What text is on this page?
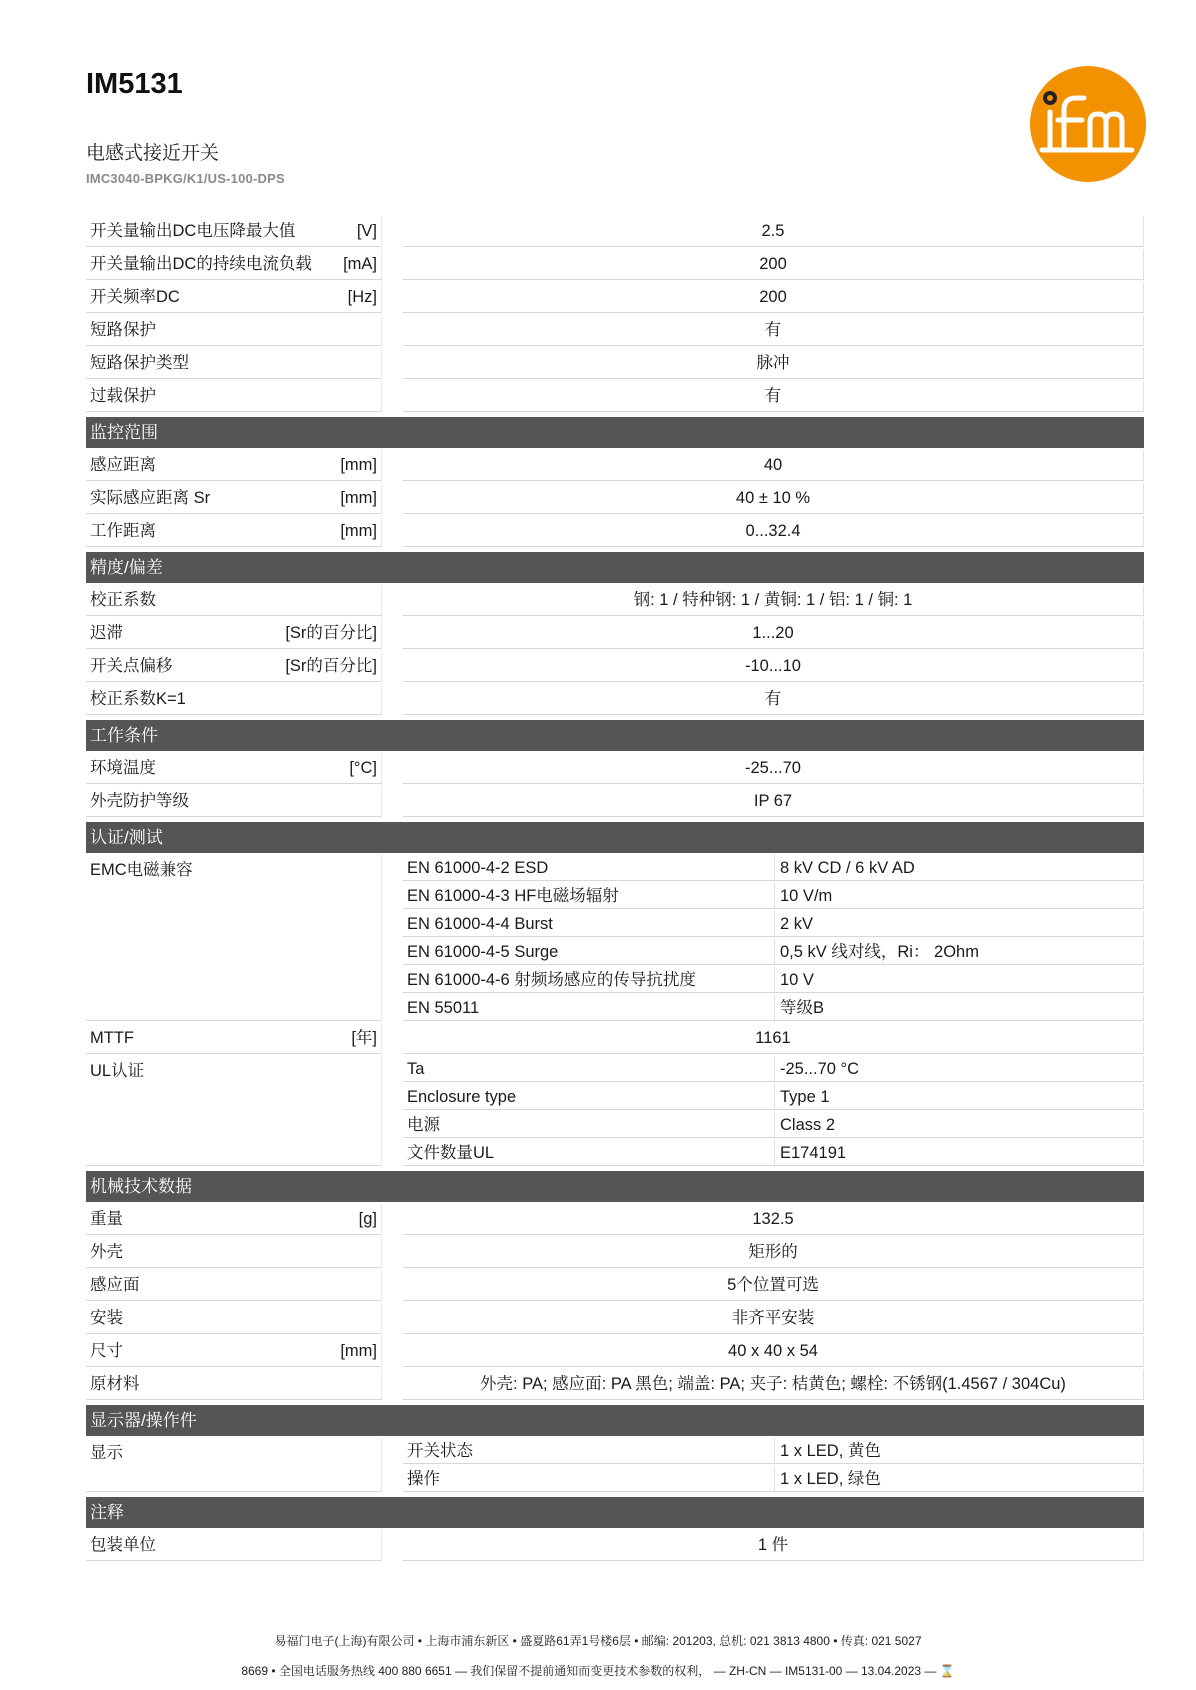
IM5131
电感式接近开关
IMC3040-BPKG/K1/US-100-DPS
开关量输出DC电压降最大值	[V]	2.5
开关量输出DC的持续电流负载 [mA]	200
开关频率DC	[Hz]	200
短路保护	有
短路保护类型	脉冲
过载保护	有
监控范围
感应距离	[mm]	40
实际感应距离 Sr	[mm]	40 ± 10 %
工作距离	[mm]	0...32.4
精度/偏差
校正系数	钢: 1 / 特种钢: 1 / 黄铜: 1 / 铝: 1 / 铜: 1
迟滞	[Sr的百分比]	1...20
开关点偏移	[Sr的百分比]	-10...10
校正系数K=1	有
工作条件
环境温度	[°C]	-25...70
外壳防护等级	IP 67
认证/测试
EMC电磁兼容	EN 61000-4-2 ESD	8 kV CD / 6 kV AD
EN 61000-4-3 HF电磁场辐射	10 V/m
EN 61000-4-4 Burst	2 kV
EN 61000-4-5 Surge	0,5 kV 线对线，Ri： 2Ohm
EN 61000-4-6 射频场感应的传导抗扰度	10 V
EN 55011	等级B
MTTF	[年]	1161
UL认证	Ta	-25...70 °C
Enclosure type	Type 1
电源	Class 2
文件数量UL	E174191
机械技术数据
重量	[g]	132.5
外壳	矩形的
感应面	5个位置可选
安装	非齐平安装
尺寸	[mm]	40 x 40 x 54
原材料	外壳: PA; 感应面: PA 黑色; 端盖: PA; 夹子: 桔黄色; 螺栓: 不锈钢(1.4567 / 304Cu)
显示器/操作件
显示	开关状态	1 x LED, 黄色
操作	1 x LED, 绿色
注释
包装单位	1 件
易福门电子(上海)有限公司 • 上海市浦东新区 • 盛夏路61弄1号楼6层 • 邮编: 201203, 总机: 021 3813 4800 • 传真: 021 5027
8669 • 全国电话服务热线 400 880 6651 — 我们保留不提前通知而变更技术参数的权利， — ZH-CN — IM5131-00 — 13.04.2023 — ⌛
